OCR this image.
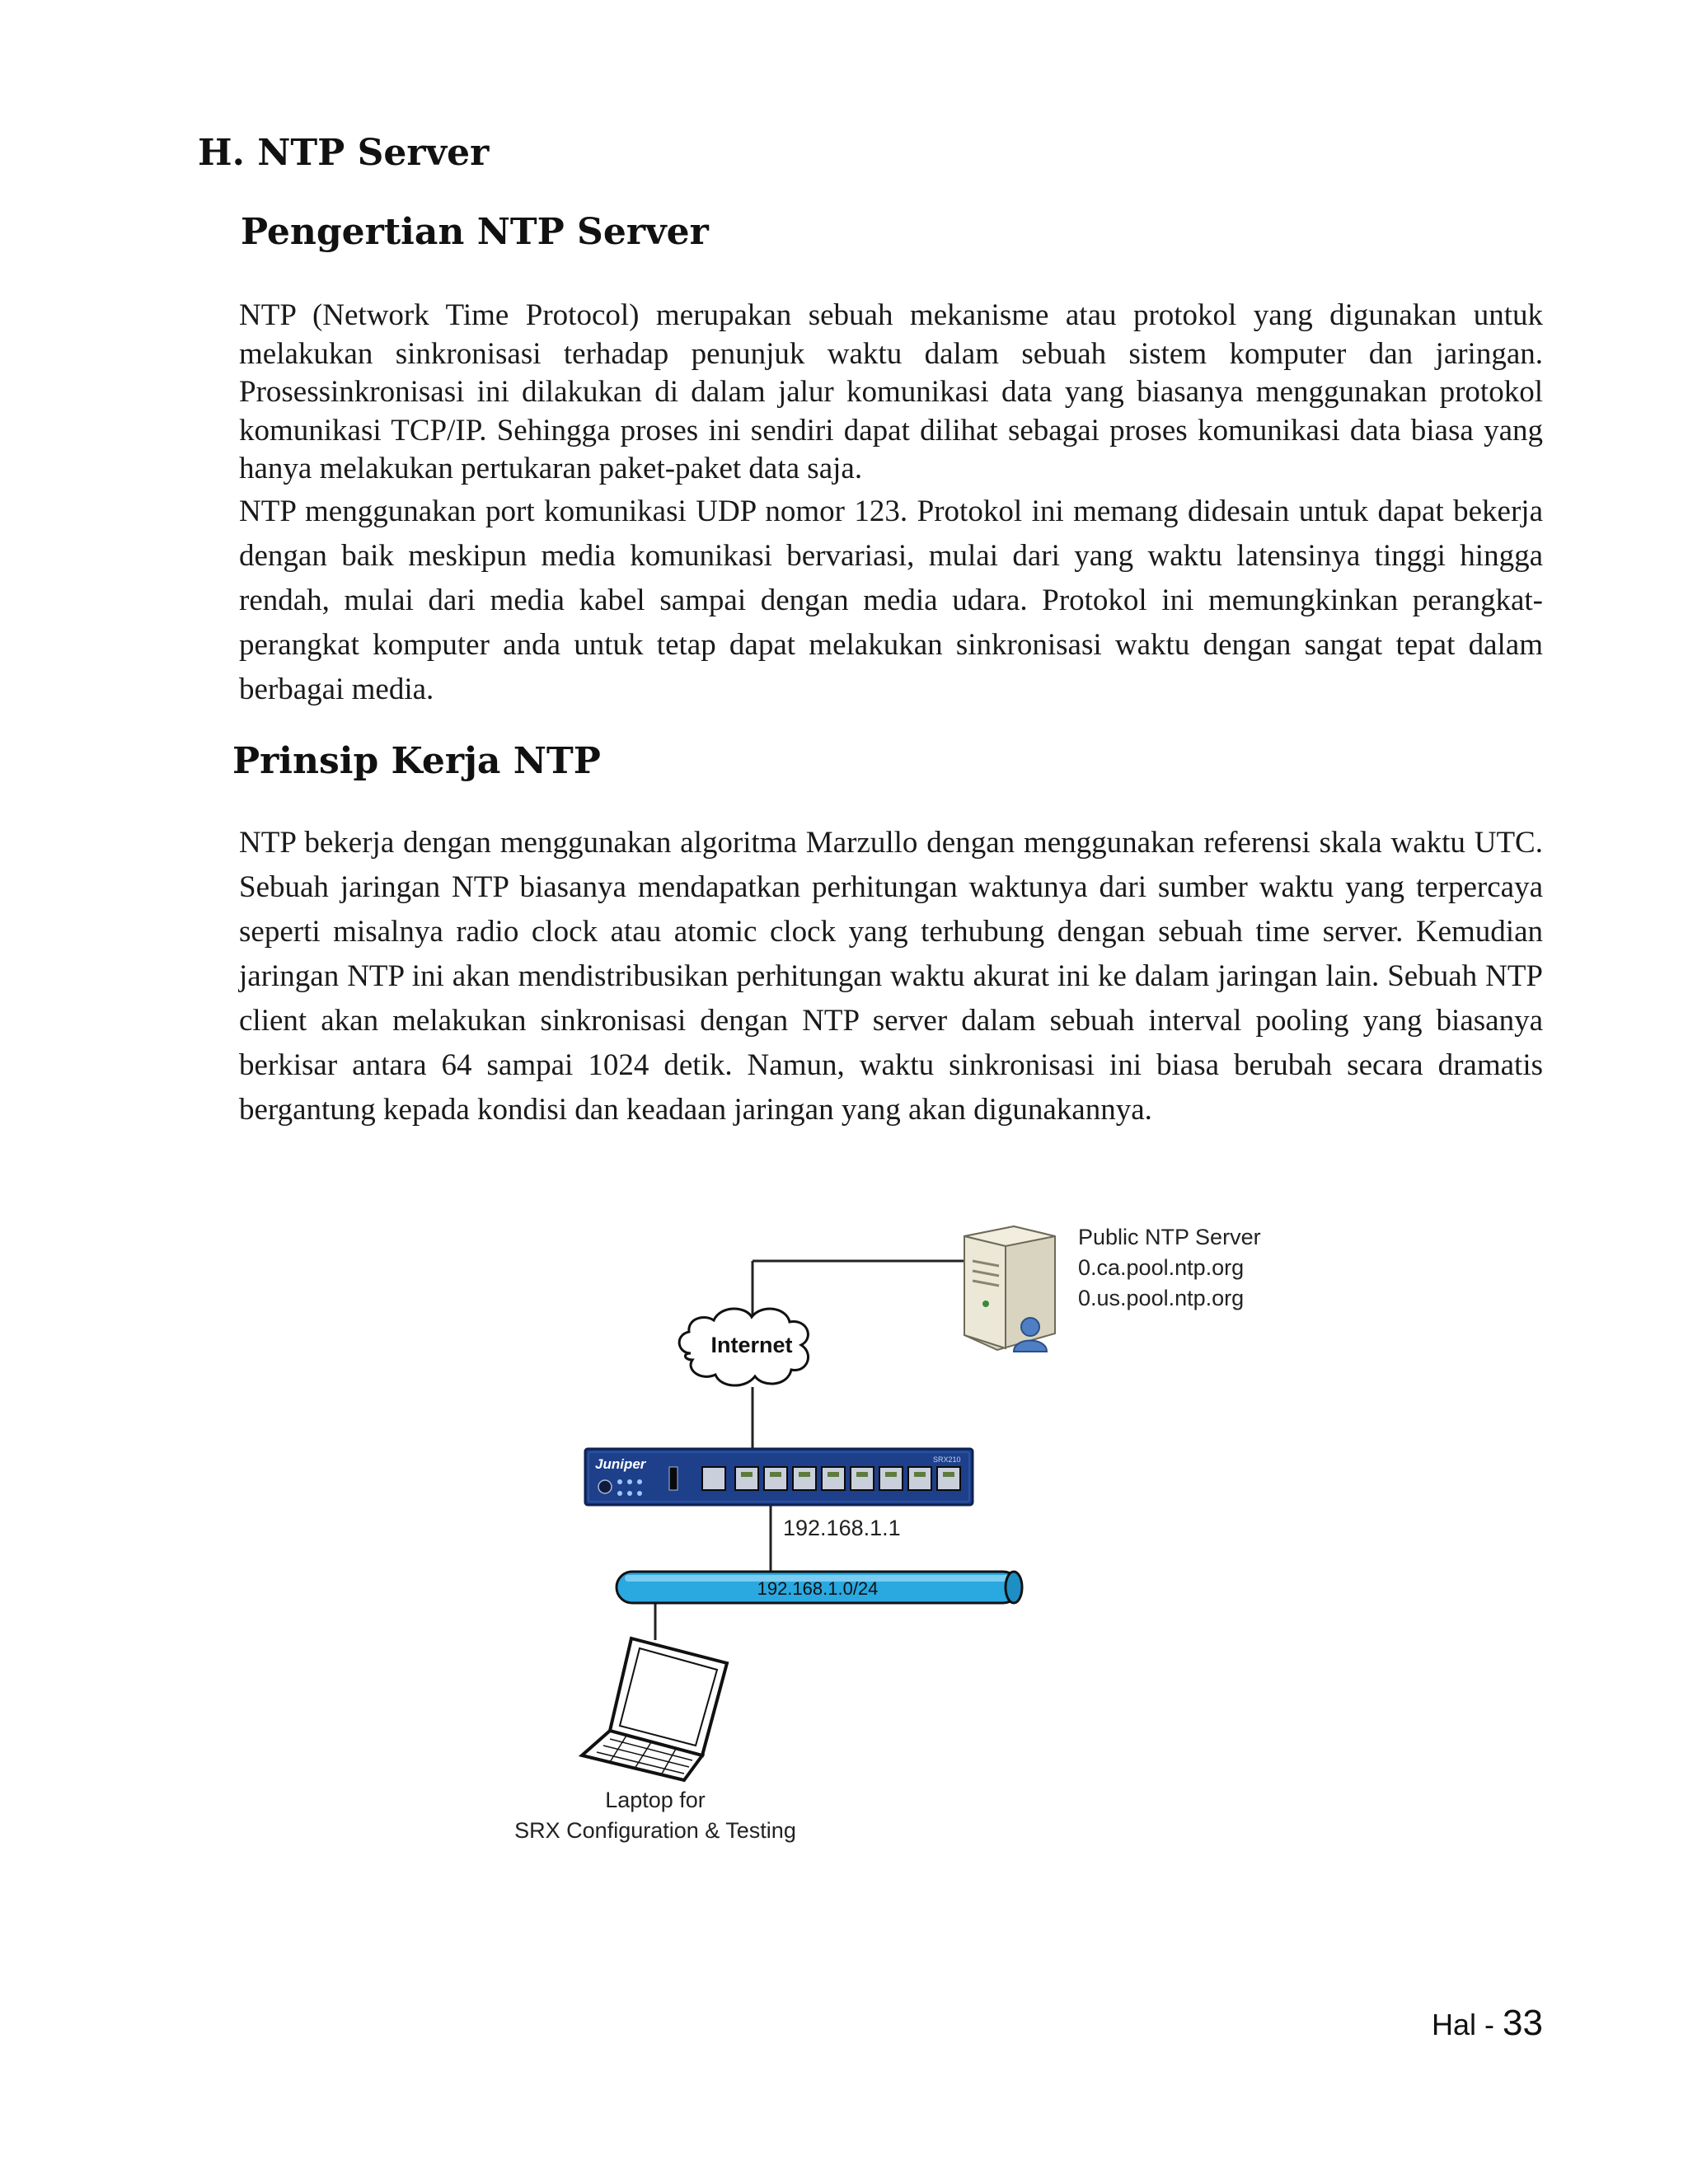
H. NTP Server
Pengertian NTP Server

NTP (Network Time Protocol) merupakan sebuah mekanisme atau protokol yang digunakan untuk melakukan sinkronisasi terhadap penunjuk waktu dalam sebuah sistem komputer dan jaringan. Prosessinkronisasi ini dilakukan di dalam jalur komunikasi data yang biasanya menggunakan protokol komunikasi TCP/IP. Sehingga proses ini sendiri dapat dilihat sebagai proses komunikasi data biasa yang hanya melakukan pertukaran paket-paket data saja.

NTP menggunakan port komunikasi UDP nomor 123. Protokol ini memang didesain untuk dapat bekerja dengan baik meskipun media komunikasi bervariasi, mulai dari yang waktu latensinya tinggi hingga rendah, mulai dari media kabel sampai dengan media udara. Protokol ini memungkinkan perangkat-perangkat komputer anda untuk tetap dapat melakukan sinkronisasi waktu dengan sangat tepat dalam berbagai media.

Prinsip Kerja NTP

NTP bekerja dengan menggunakan algoritma Marzullo dengan menggunakan referensi skala waktu UTC. Sebuah jaringan NTP biasanya mendapatkan perhitungan waktunya dari sumber waktu yang terpercaya seperti misalnya radio clock atau atomic clock yang terhubung dengan sebuah time server. Kemudian jaringan NTP ini akan mendistribusikan perhitungan waktu akurat ini ke dalam jaringan lain. Sebuah NTP client akan melakukan sinkronisasi dengan NTP server dalam sebuah interval pooling yang biasanya berkisar antara 64 sampai 1024 detik. Namun, waktu sinkronisasi ini biasa berubah secara dramatis bergantung kepada kondisi dan keadaan jaringan yang akan digunakannya.

Internet
Public NTP Server
0.ca.pool.ntp.org
0.us.pool.ntp.org
Juniper	SRX210
192.168.1.1
192.168.1.0/24
Laptop for
SRX Configuration & Testing
Hal - 33
